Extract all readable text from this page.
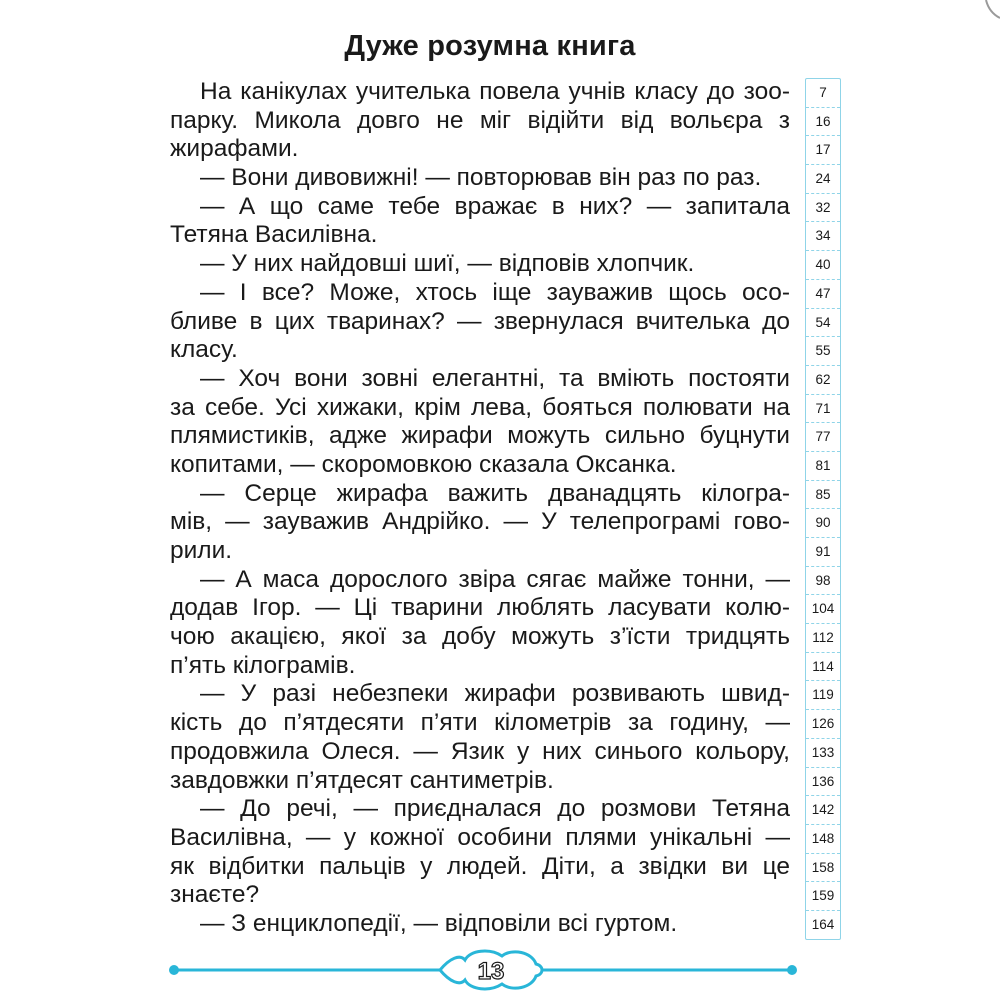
Дуже розумна книга
На канікулах учителька повела учнів класу до зоо-
парку. Микола довго не міг відійти від вольєра з
жирафами.
— Вони дивовижні! — повторював він раз по раз.
— А що саме тебе вражає в них? — запитала
Тетяна Василівна.
— У них найдовші шиї, — відповів хлопчик.
— І все? Може, хтось іще зауважив щось осо-
бливе в цих тваринах? — звернулася вчителька до
класу.
— Хоч вони зовні елегантні, та вміють постояти
за себе. Усі хижаки, крім лева, бояться полювати на
плямистиків, адже жирафи можуть сильно буцнути
копитами, — скоромовкою сказала Оксанка.
— Серце жирафа важить дванадцять кілогра-
мів, — зауважив Андрійко. — У телепрограмі гово-
рили.
— А маса дорослого звіра сягає майже тонни, —
додав Ігор. — Ці тварини люблять ласувати колю-
чою акацією, якої за добу можуть з’їсти тридцять
п’ять кілограмів.
— У разі небезпеки жирафи розвивають швид-
кість до п’ятдесяти п’яти кілометрів за годину, —
продовжила Олеся. — Язик у них синього кольору,
завдовжки п’ятдесят сантиметрів.
— До речі, — приєдналася до розмови Тетяна
Василівна, — у кожної особини плями унікальні —
як відбитки пальців у людей. Діти, а звідки ви це
знаєте?
— З енциклопедії, — відповіли всі гуртом.
7
16
17
24
32
34
40
47
54
55
62
71
77
81
85
90
91
98
104
112
114
119
126
133
136
142
148
158
159
164
13
